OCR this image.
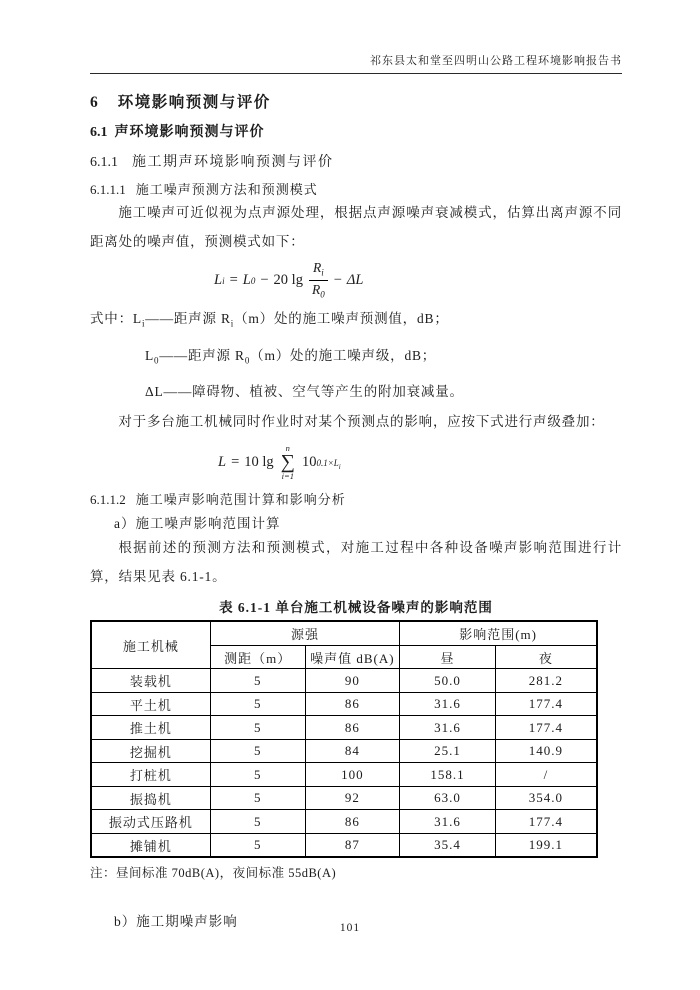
祁东县太和堂至四明山公路工程环境影响报告书
6 环境影响预测与评价
6.1 声环境影响预测与评价
6.1.1 施工期声环境影响预测与评价
6.1.1.1 施工噪声预测方法和预测模式

施工噪声可近似视为点声源处理，根据点声源噪声衰减模式，估算出离声源不同距离处的噪声值，预测模式如下：

L i = L 0 − 20 $\lg \frac{R_i}{R_0} - \Delta L$
式中：$L_i——$距声源 $R_i(m)$处的施工噪声预测值，dB；
$L_0——$距声源 $R_0(m)$处的施工噪声级，dB；
ΔL——障碍物、植被、空气等产生的附加衰减量。

对于多台施工机械同时作业时对某个预测点的影响，应按下式进行声级叠加：

L = 10 lg
n
∑
i=1
10 $0.1\times L_i$
6.1.1.2 施工噪声影响范围计算和影响分析
a）施工噪声影响范围计算

根据前述的预测方法和预测模式，对施工过程中各种设备噪声影响范围进行计算，结果见表 6.1-1。

表 6.1-1 单台施工机械设备噪声的影响范围
施工机械	源强		影响范围(m)	
	测距（m）	噪声值 dB(A)	昼	夜
装载机	5	90	50.0	281.2
平土机	5	86	31.6	177.4
推土机	5	86	31.6	177.4
挖掘机	5	84	25.1	140.9
打桩机	5	100	158.1	/
振捣机	5	92	63.0	354.0
振动式压路机	5	86	31.6	177.4
摊铺机	5	87	35.4	199.1
注：昼间标准 70dB(A)，夜间标准 55dB(A)
b）施工期噪声影响	101
